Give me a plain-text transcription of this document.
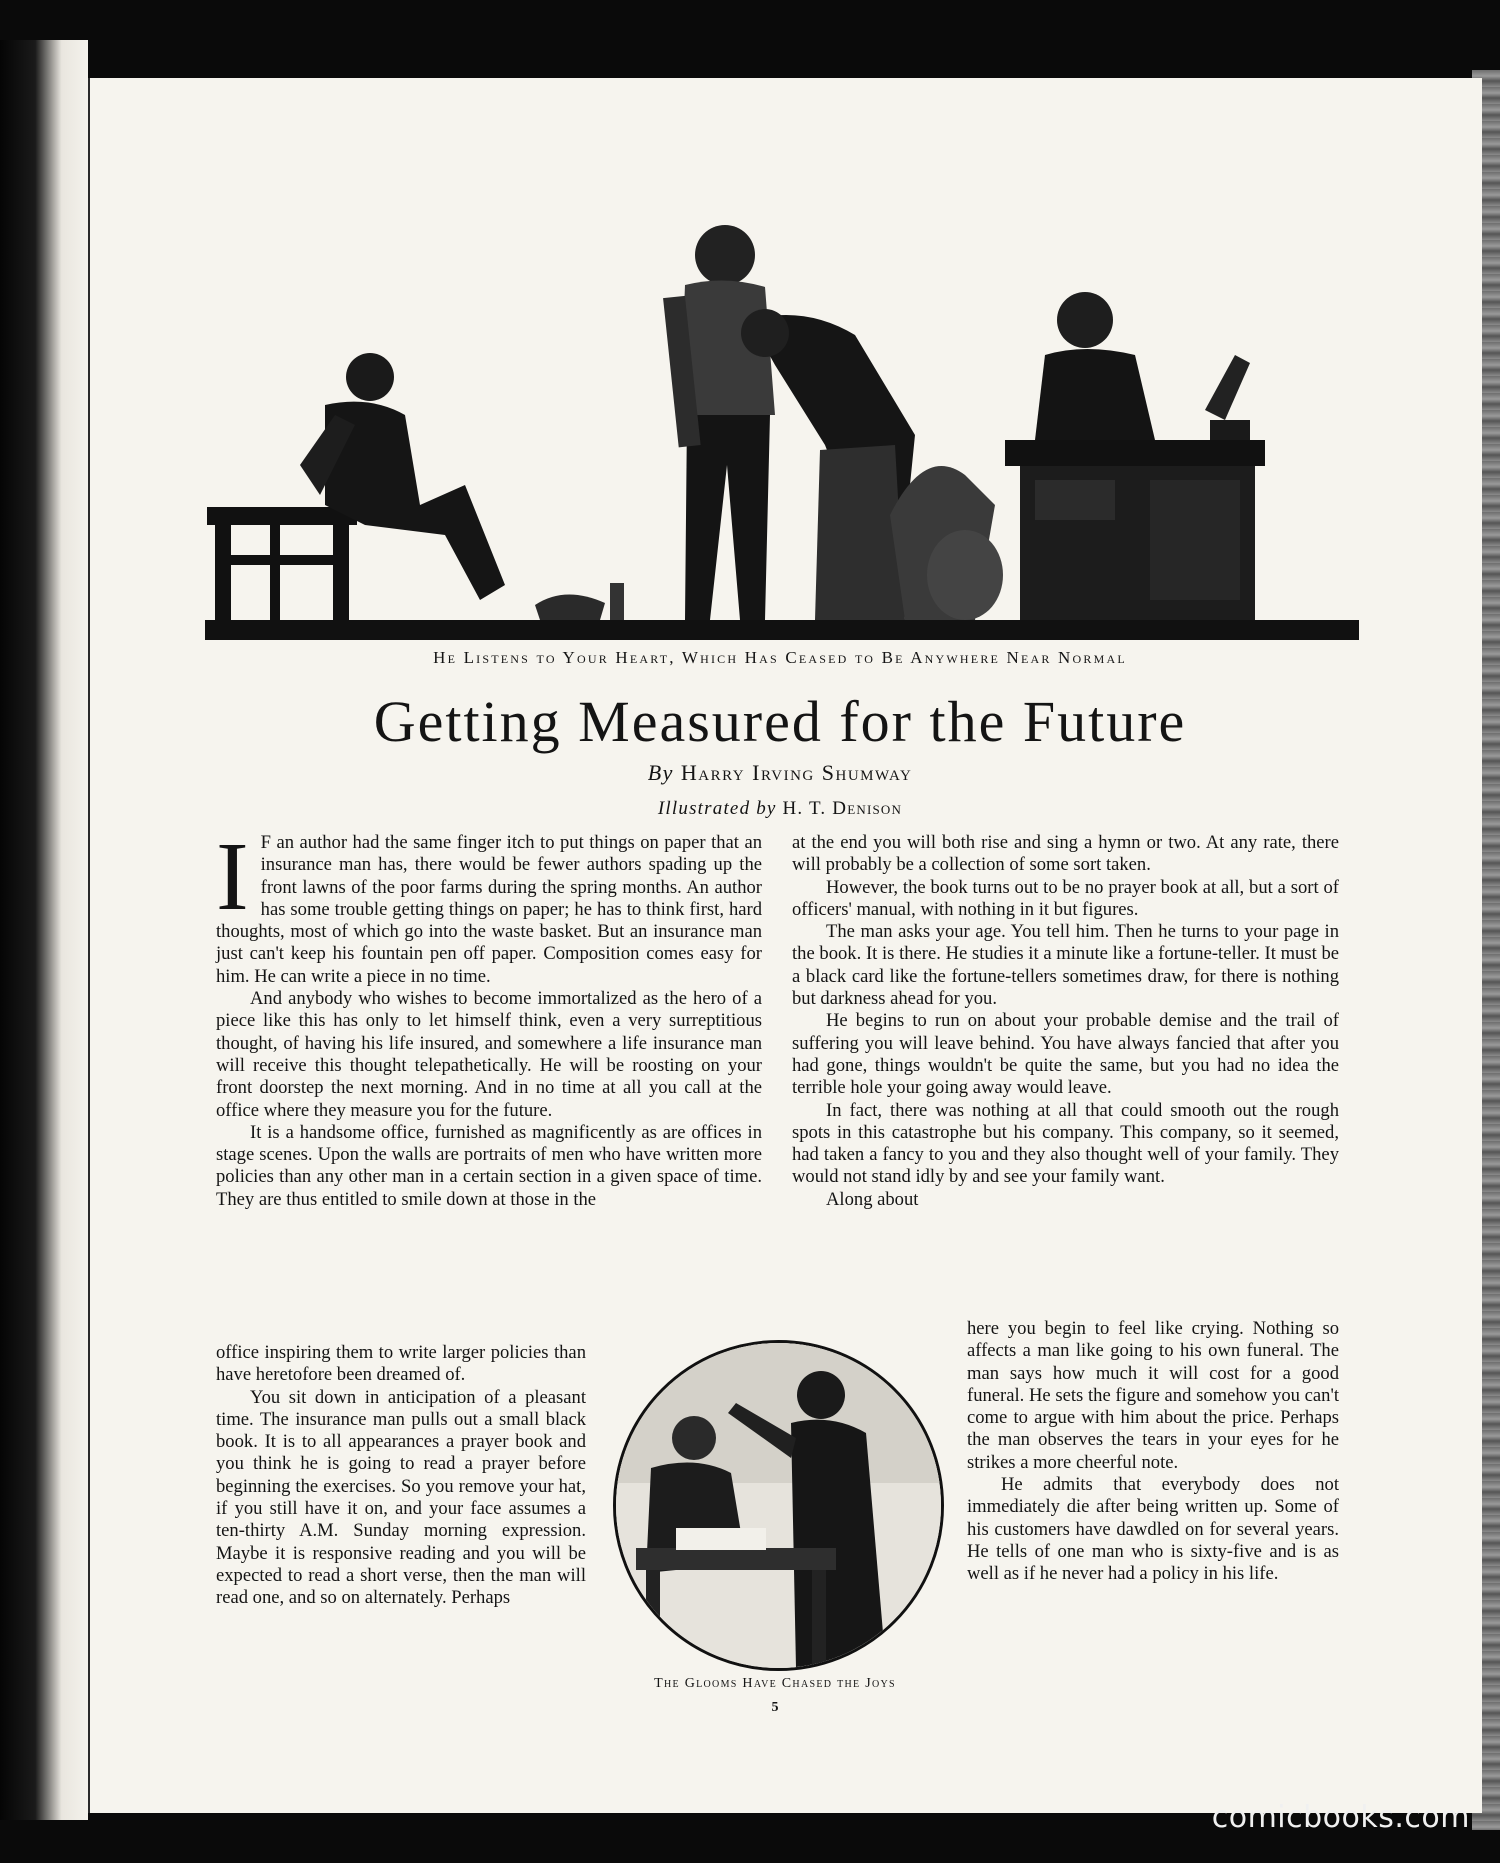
He Listens to Your Heart, Which Has Ceased to Be Anywhere Near Normal
Getting Measured for the Future
By Harry Irving Shumway
Illustrated by H. T. Denison

I F an author had the same finger itch to put things on paper that an insurance man has, there would be fewer authors spading up the front lawns of the poor farms during the spring months. An author has some trouble getting things on paper; he has to think first, hard thoughts, most of which go into the waste basket. But an insurance man just can't keep his fountain pen off paper. Composition comes easy for him. He can write a piece in no time.

And anybody who wishes to become immortalized as the hero of a piece like this has only to let himself think, even a very surreptitious thought, of having his life insured, and somewhere a life insurance man will receive this thought telepathetically. He will be roosting on your front doorstep the next morning. And in no time at all you call at the office where they measure you for the future.

It is a handsome office, furnished as magnificently as are offices in stage scenes. Upon the walls are portraits of men who have written more policies than any other man in a certain section in a given space of time. They are thus entitled to smile down at those in the

office inspiring them to write larger policies than have heretofore been dreamed of.

You sit down in anticipation of a pleasant time. The insurance man pulls out a small black book. It is to all appearances a prayer book and you think he is going to read a prayer before beginning the exercises. So you remove your hat, if you still have it on, and your face assumes a ten-thirty A.M. Sunday morning expression. Maybe it is responsive reading and you will be expected to read a short verse, then the man will read one, and so on alternately. Perhaps

at the end you will both rise and sing a hymn or two. At any rate, there will probably be a collection of some sort taken.

However, the book turns out to be no prayer book at all, but a sort of officers' manual, with nothing in it but figures.

The man asks your age. You tell him. Then he turns to your page in the book. It is there. He studies it a minute like a fortune-teller. It must be a black card like the fortune-tellers sometimes draw, for there is nothing but darkness ahead for you.

He begins to run on about your probable demise and the trail of suffering you will leave behind. You have always fancied that after you had gone, things wouldn't be quite the same, but you had no idea the terrible hole your going away would leave.

In fact, there was nothing at all that could smooth out the rough spots in this catastrophe but his company. This company, so it seemed, had taken a fancy to you and they also thought well of your family. They would not stand idly by and see your family want.

Along about

here you begin to feel like crying. Nothing so affects a man like going to his own funeral. The man says how much it will cost for a good funeral. He sets the figure and somehow you can't come to argue with him about the price. Perhaps the man observes the tears in your eyes for he strikes a more cheerful note.

He admits that everybody does not immediately die after being written up. Some of his customers have dawdled on for several years. He tells of one man who is sixty-five and is as well as if he never had a policy in his life.

The Glooms Have Chased the Joys
5
comicbooks.com
